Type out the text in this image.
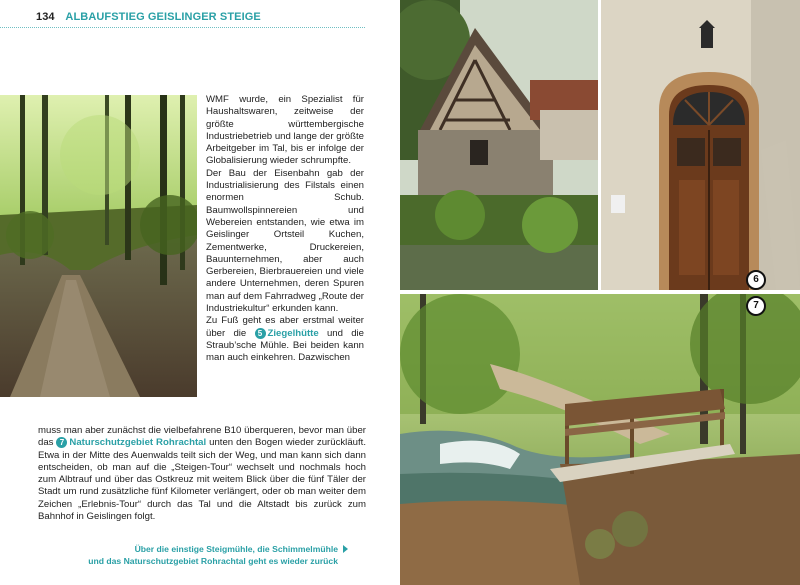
134 ALBAUFSTIEG GEISLINGER STEIGE

WMF wurde, ein Spezialist für Haushaltswaren, zeitweise der größte württembergische Industriebetrieb und lange der größte Arbeitgeber im Tal, bis er infolge der Globalisierung wieder schrumpfte.
Der Bau der Eisenbahn gab der Industrialisierung des Filstals einen enormen Schub. Baumwollspinnereien und Webereien entstanden, wie etwa im Geislinger Ortsteil Kuchen, Zementwerke, Druckereien, Bauunternehmen, aber auch Gerbereien, Bierbrauereien und viele andere Unternehmen, deren Spuren man auf dem Fahrradweg „Route der Industriekultur“ erkunden kann.
Zu Fuß geht es aber erstmal weiter über die 5 Ziegelhütte und die Straub’sche Mühle. Bei beiden kann man auch einkehren. Dazwischen

muss man aber zunächst die vielbefahrene B10 überqueren, bevor man über das 7 Naturschutzgebiet Rohrachtal unten den Bogen wieder zurückläuft. Etwa in der Mitte des Auenwalds teilt sich der Weg, und man kann sich dann entscheiden, ob man auf die „Steigen-Tour“ wechselt und nochmals hoch zum Albtrauf und über das Ostkreuz mit weitem Blick über die fünf Täler der Stadt um rund zusätzliche fünf Kilometer verlängert, oder ob man weiter dem Zeichen „Erlebnis-Tour“ durch das Tal und die Altstadt bis zurück zum Bahnhof in Geislingen folgt.

Über die einstige Steigmühle, die Schimmelmühle
und das Naturschutzgebiet Rohrachtal geht es wieder zurück
6
7
